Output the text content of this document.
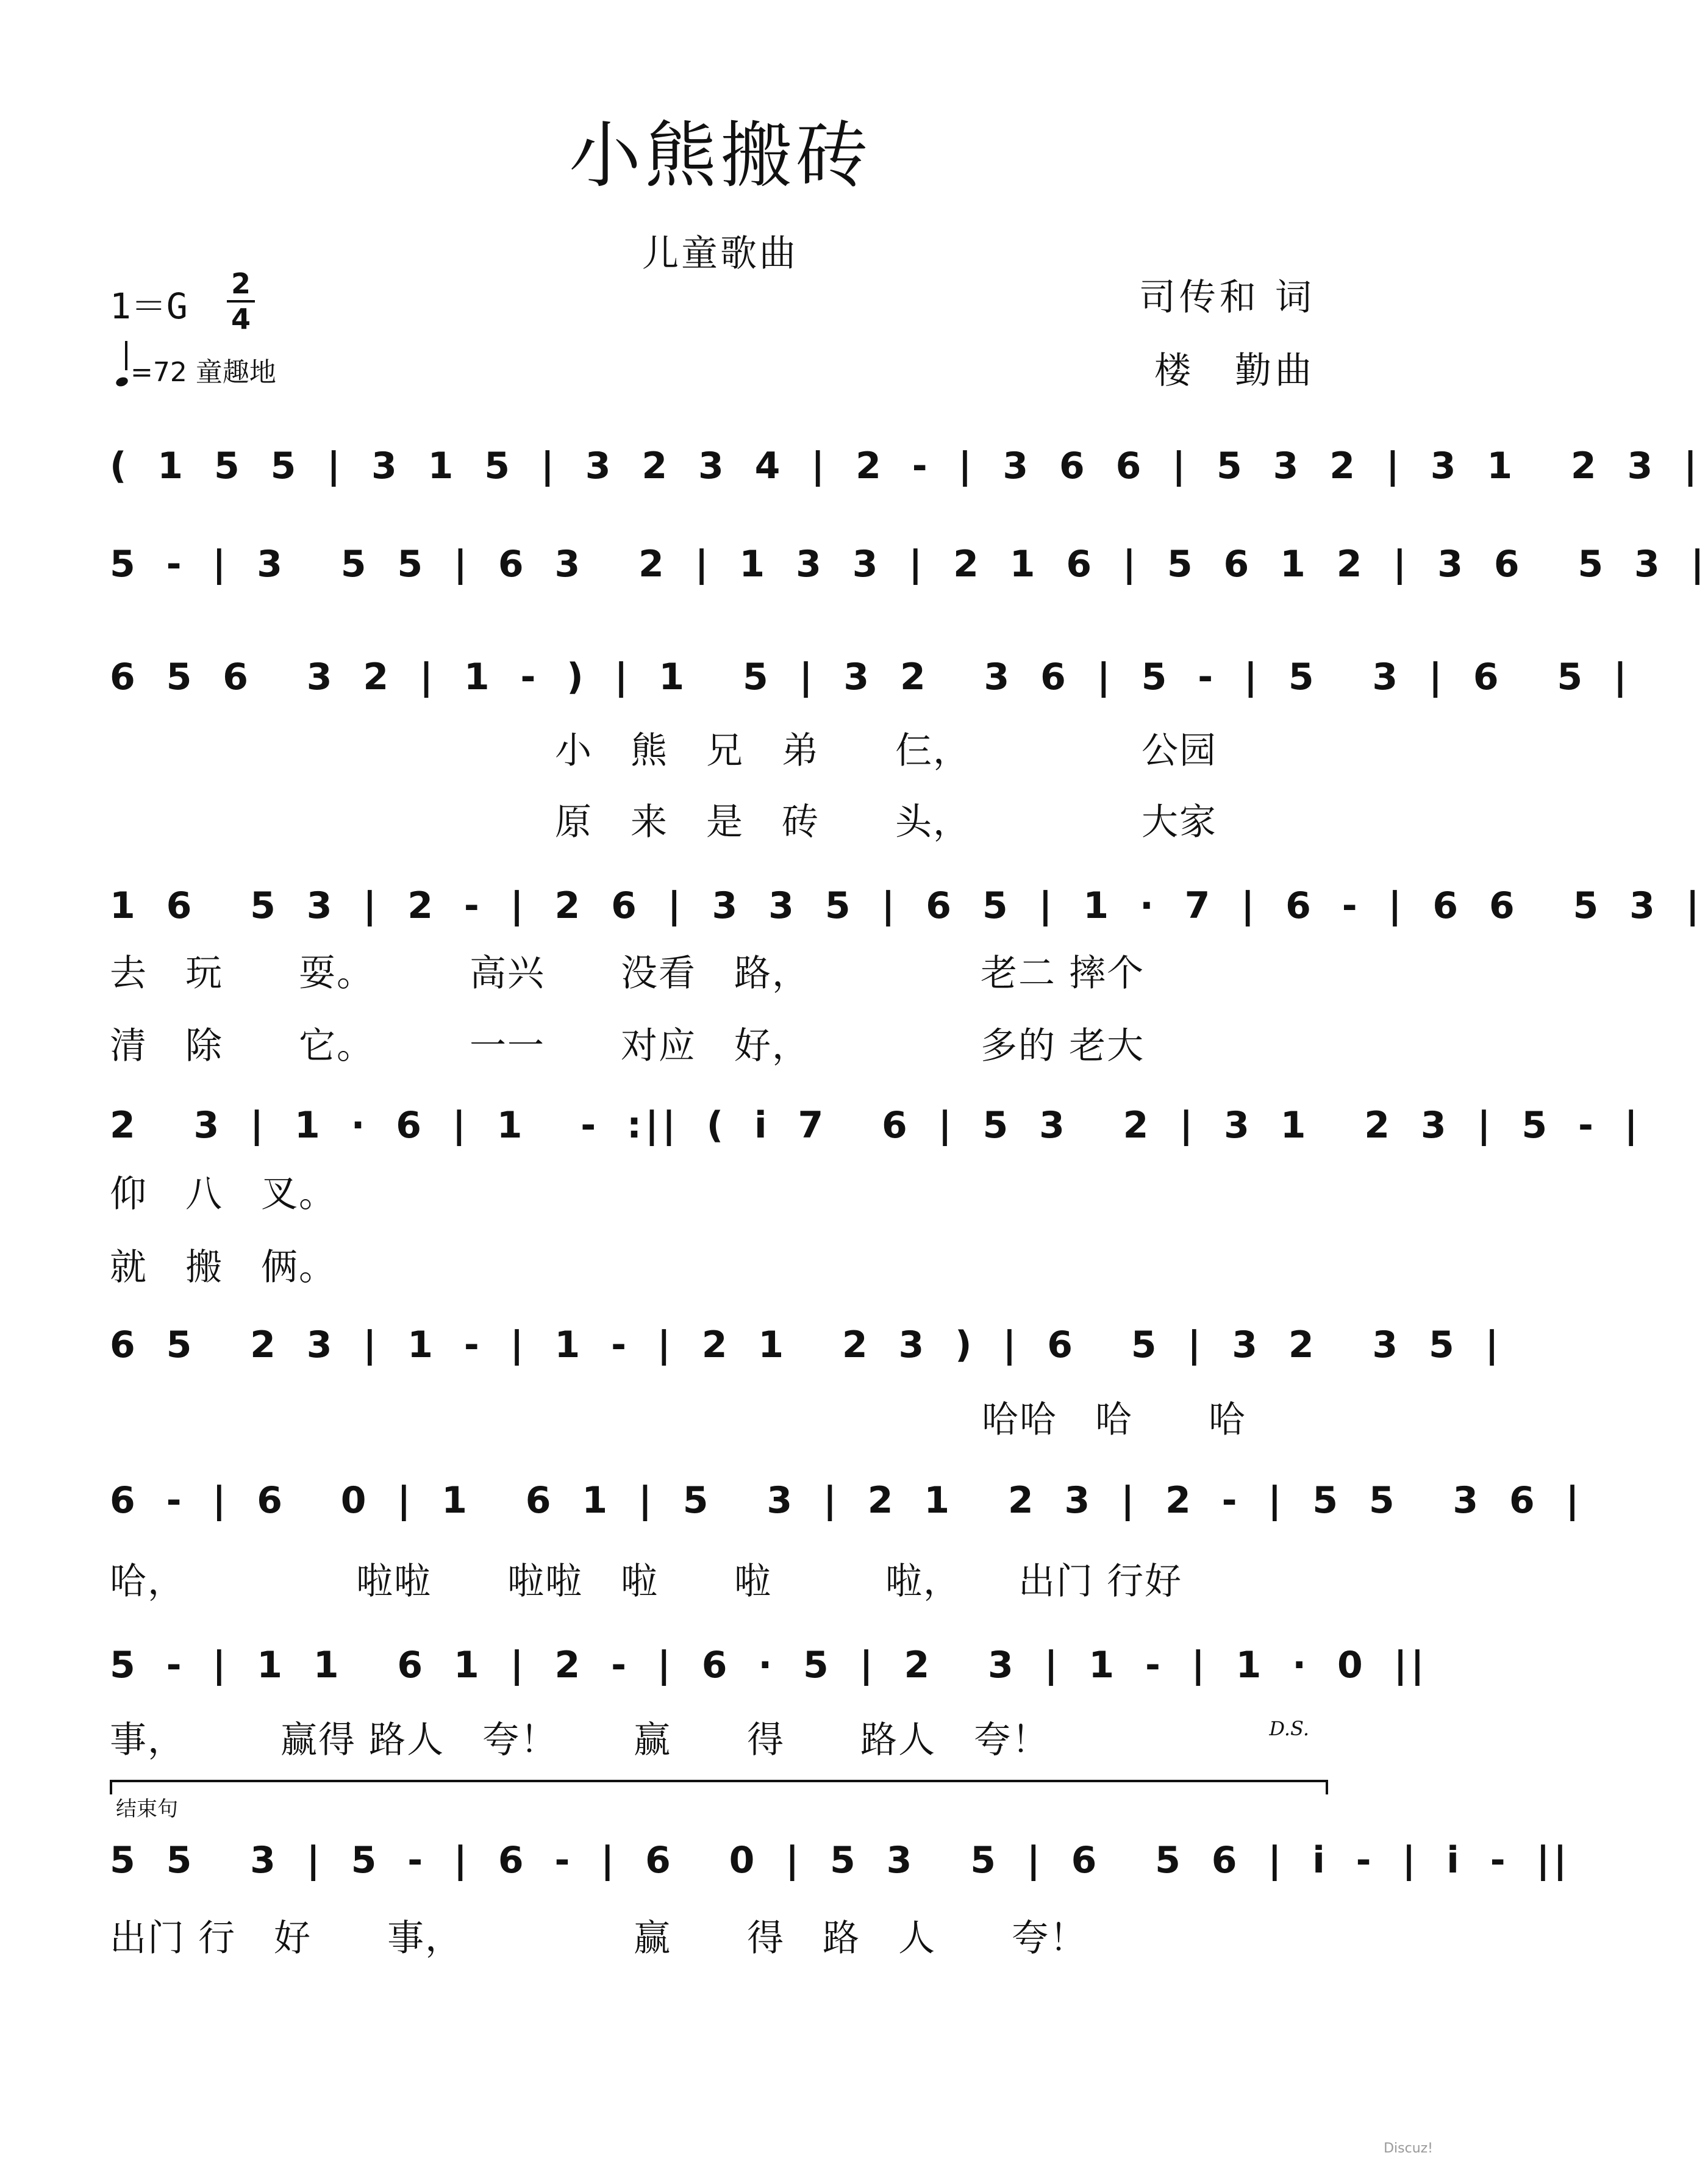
小熊搬砖
儿童歌曲
1＝G
2
4
=72 童趣地
司传和 词
楼　勤曲
( 1 5 5 | 3 1 5 | 3 2 3 4 | 2 - | 3 6 6 | 5 3 2 | 3 1  2 3 |
5 - | 3  5 5 | 6 3  2 | 1 3 3 | 2 1 6 | 5 6 1 2 | 3 6  5 3 |
6 5 6  3 2 | 1 - ) | 1  5 | 3 2  3 6 | 5 - | 5  3 | 6  5 |
小　熊　兄　弟　　仨，　　　　　公园
原　来　是　砖　　头，　　　　　大家
1 6  5 3 | 2 - | 2 6 | 3 3 5 | 6 5 | 1 · 7 | 6 - | 6 6  5 3 |
去　玩　　耍。　　　高兴　　没看　路，　　　　　老二 摔个
清　除　　它。　　　一一　　对应　好，　　　　　多的 老大
2  3 | 1 · 6 | 1  - :|| ( i 7  6 | 5 3  2 | 3 1  2 3 | 5 - |
仰　八　叉。
就　搬　俩。
6 5  2 3 | 1 - | 1 - | 2 1  2 3 ) | 6  5 | 3 2  3 5 |
哈哈　哈　　哈
6 - | 6  0 | 1  6 1 | 5  3 | 2 1  2 3 | 2 - | 5 5  3 6 |
哈，　　　　　啦啦　　啦啦　啦　　啦　　　啦，　　出门 行好
5 - | 1 1  6 1 | 2 - | 6 · 5 | 2  3 | 1 - | 1 · 0 ||
事，　　　赢得 路人　夸！　　赢　　得　　路人　夸！	D.S.
结束句
5 5  3 | 5 - | 6 - | 6  0 | 5 3  5 | 6  5 6 | i - | i - ||
出门 行　好　　事，　　　　　赢　　得　路　人　　夸！
Discuz!
